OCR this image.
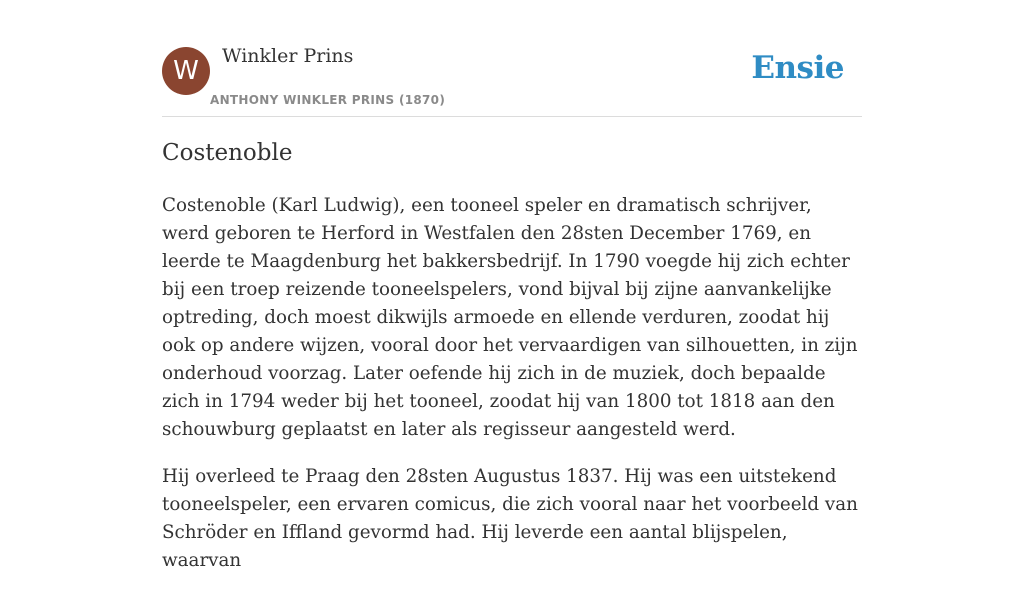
W	Winkler Prins
ANTHONY WINKLER PRINS (1870)
Ensie
Costenoble

Costenoble (Karl Ludwig), een tooneel speler en dramatisch schrijver, werd geboren te Herford in Westfalen den 28sten December 1769, en leerde te Maagdenburg het bakkersbedrijf. In 1790 voegde hij zich echter bij een troep reizende tooneelspelers, vond bijval bij zijne aanvankelijke optreding, doch moest dikwijls armoede en ellende verduren, zoodat hij ook op andere wijzen, vooral door het vervaardigen van silhouetten, in zijn onderhoud voorzag. Later oefende hij zich in de muziek, doch bepaalde zich in 1794 weder bij het tooneel, zoodat hij van 1800 tot 1818 aan den schouwburg geplaatst en later als regisseur aangesteld werd.

Hij overleed te Praag den 28sten Augustus 1837. Hij was een uitstekend tooneelspeler, een ervaren comicus, die zich vooral naar het voorbeeld van Schröder en Iffland gevormd had. Hij leverde een aantal blijspelen, waarvan
